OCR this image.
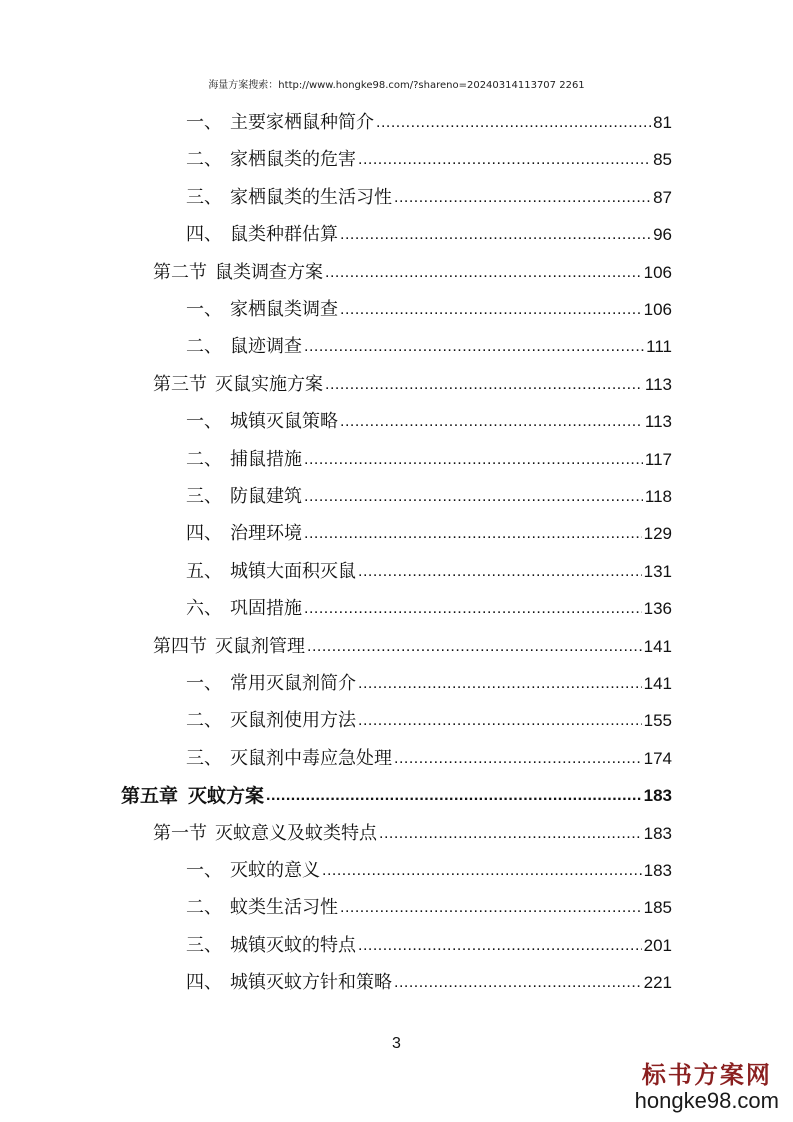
海量方案搜索：http://www.hongke98.com/?shareno=20240314113707 2261
一、 主要家栖鼠种简介 .....	81
二、 家栖鼠类的危害 .....	85
三、 家栖鼠类的生活习性 .....	87
四、 鼠类种群估算 .....	96
第二节 鼠类调查方案 .....	106
一、 家栖鼠类调查 .....	106
二、 鼠迹调查 .....	111
第三节 灭鼠实施方案 .....	113
一、 城镇灭鼠策略 .....	113
二、 捕鼠措施 .....	117
三、 防鼠建筑 .....	118
四、 治理环境 .....	129
五、 城镇大面积灭鼠 .....	131
六、 巩固措施 .....	136
第四节 灭鼠剂管理 .....	141
一、 常用灭鼠剂简介 .....	141
二、 灭鼠剂使用方法 .....	155
三、 灭鼠剂中毒应急处理 .....	174
第五章 灭蚊方案 .....	183
第一节 灭蚊意义及蚊类特点 .....	183
一、 灭蚊的意义 .....	183
二、 蚊类生活习性 .....	185
三、 城镇灭蚊的特点 .....	201
四、 城镇灭蚊方针和策略 .....	221
3
标书方案网
hongke98.com
